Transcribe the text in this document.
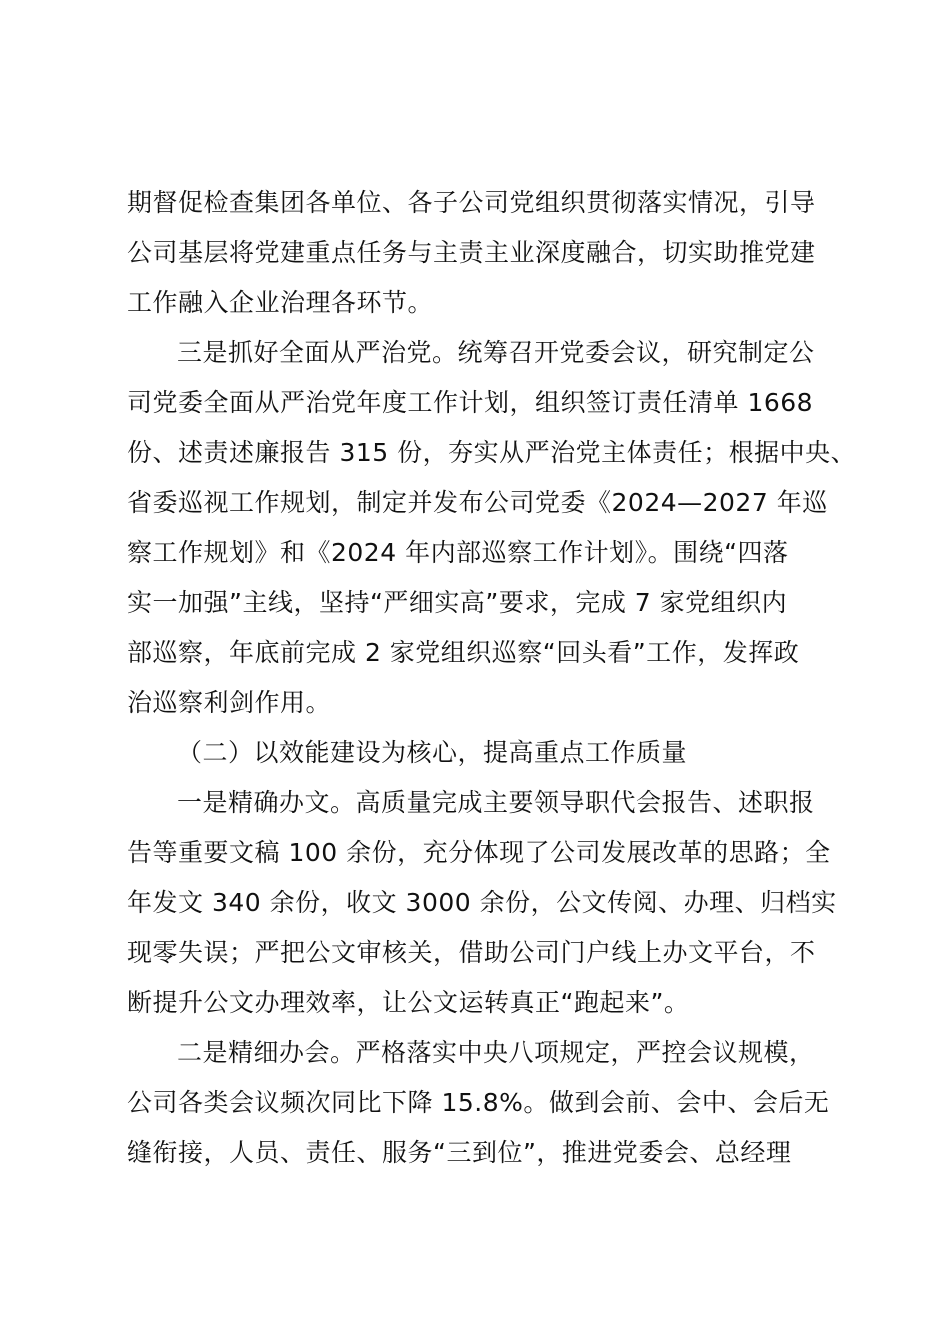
期督促检查集团各单位、各子公司党组织贯彻落实情况，引导
公司基层将党建重点任务与主责主业深度融合，切实助推党建
工作融入企业治理各环节。
三是抓好全面从严治党。统筹召开党委会议，研究制定公
司党委全面从严治党年度工作计划，组织签订责任清单 1668
份、述责述廉报告 315 份，夯实从严治党主体责任；根据中央、
省委巡视工作规划，制定并发布公司党委《2024—2027 年巡
察工作规划》和《2024 年内部巡察工作计划》。围绕“四落
实一加强”主线，坚持“严细实高”要求，完成 7 家党组织内
部巡察，年底前完成 2 家党组织巡察“回头看”工作，发挥政
治巡察利剑作用。
（二）以效能建设为核心，提高重点工作质量
一是精确办文。高质量完成主要领导职代会报告、述职报
告等重要文稿 100 余份，充分体现了公司发展改革的思路；全
年发文 340 余份，收文 3000 余份，公文传阅、办理、归档实
现零失误；严把公文审核关，借助公司门户线上办文平台，不
断提升公文办理效率，让公文运转真正“跑起来”。
二是精细办会。严格落实中央八项规定，严控会议规模，
公司各类会议频次同比下降 15.8%。做到会前、会中、会后无
缝衔接，人员、责任、服务“三到位”，推进党委会、总经理
